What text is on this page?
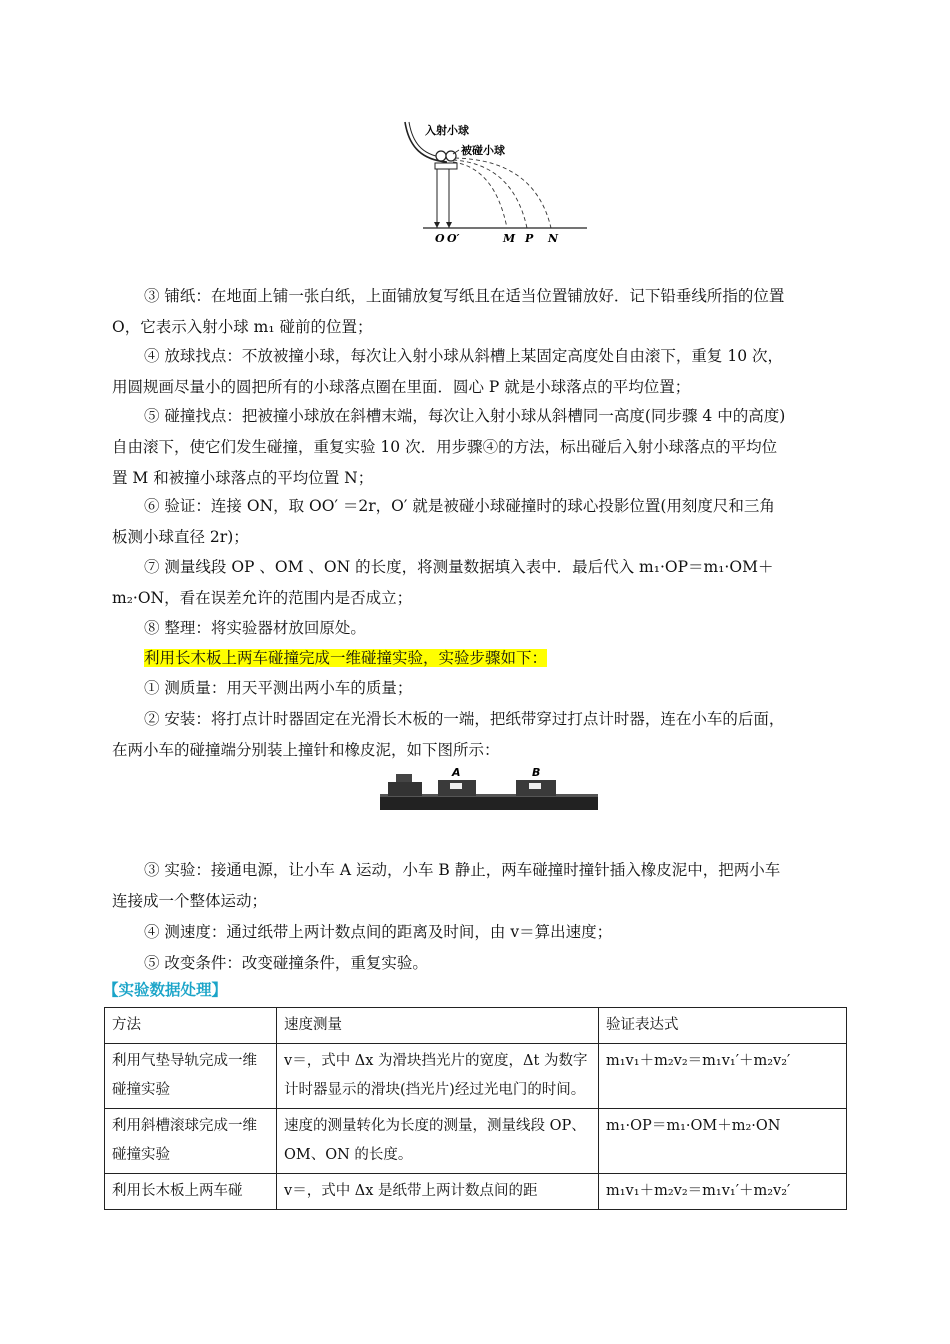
入射小球
被碰小球
O O′	M P N
③ 铺纸：在地面上铺一张白纸，上面铺放复写纸且在适当位置铺放好．记下铅垂线所指的位置
O，它表示入射小球 m₁ 碰前的位置；
④ 放球找点：不放被撞小球，每次让入射小球从斜槽上某固定高度处自由滚下，重复 10 次，
用圆规画尽量小的圆把所有的小球落点圈在里面．圆心 P 就是小球落点的平均位置；
⑤ 碰撞找点：把被撞小球放在斜槽末端，每次让入射小球从斜槽同一高度(同步骤 4 中的高度)
自由滚下，使它们发生碰撞，重复实验 10 次．用步骤④的方法，标出碰后入射小球落点的平均位
置 M 和被撞小球落点的平均位置 N；
⑥ 验证：连接 ON，取 OO′ ＝2r，O′ 就是被碰小球碰撞时的球心投影位置(用刻度尺和三角
板测小球直径 2r)；
⑦ 测量线段 OP 、OM 、ON 的长度，将测量数据填入表中．最后代入 m₁·OP＝m₁·OM＋
m₂·ON，看在误差允许的范围内是否成立；
⑧ 整理：将实验器材放回原处。
利用长木板上两车碰撞完成一维碰撞实验，实验步骤如下：
① 测质量：用天平测出两小车的质量；
② 安装：将打点计时器固定在光滑长木板的一端，把纸带穿过打点计时器，连在小车的后面，
在两小车的碰撞端分别装上撞针和橡皮泥，如下图所示：
A	B
③ 实验：接通电源，让小车 A 运动，小车 B 静止，两车碰撞时撞针插入橡皮泥中，把两小车
连接成一个整体运动；
④ 测速度：通过纸带上两计数点间的距离及时间，由 v＝算出速度；
⑤ 改变条件：改变碰撞条件，重复实验。
【实验数据处理】
方法	速度测量	验证表达式
利用气垫导轨完成一维碰撞实验	v＝，式中 Δx 为滑块挡光片的宽度，Δt 为数字计时器显示的滑块(挡光片)经过光电门的时间。	m₁v₁＋m₂v₂＝m₁v₁′＋m₂v₂′
利用斜槽滚球完成一维碰撞实验	速度的测量转化为长度的测量，测量线段 OP、OM、ON 的长度。	m₁·OP＝m₁·OM＋m₂·ON
利用长木板上两车碰	v＝，式中 Δx 是纸带上两计数点间的距	m₁v₁＋m₂v₂＝m₁v₁′＋m₂v₂′
